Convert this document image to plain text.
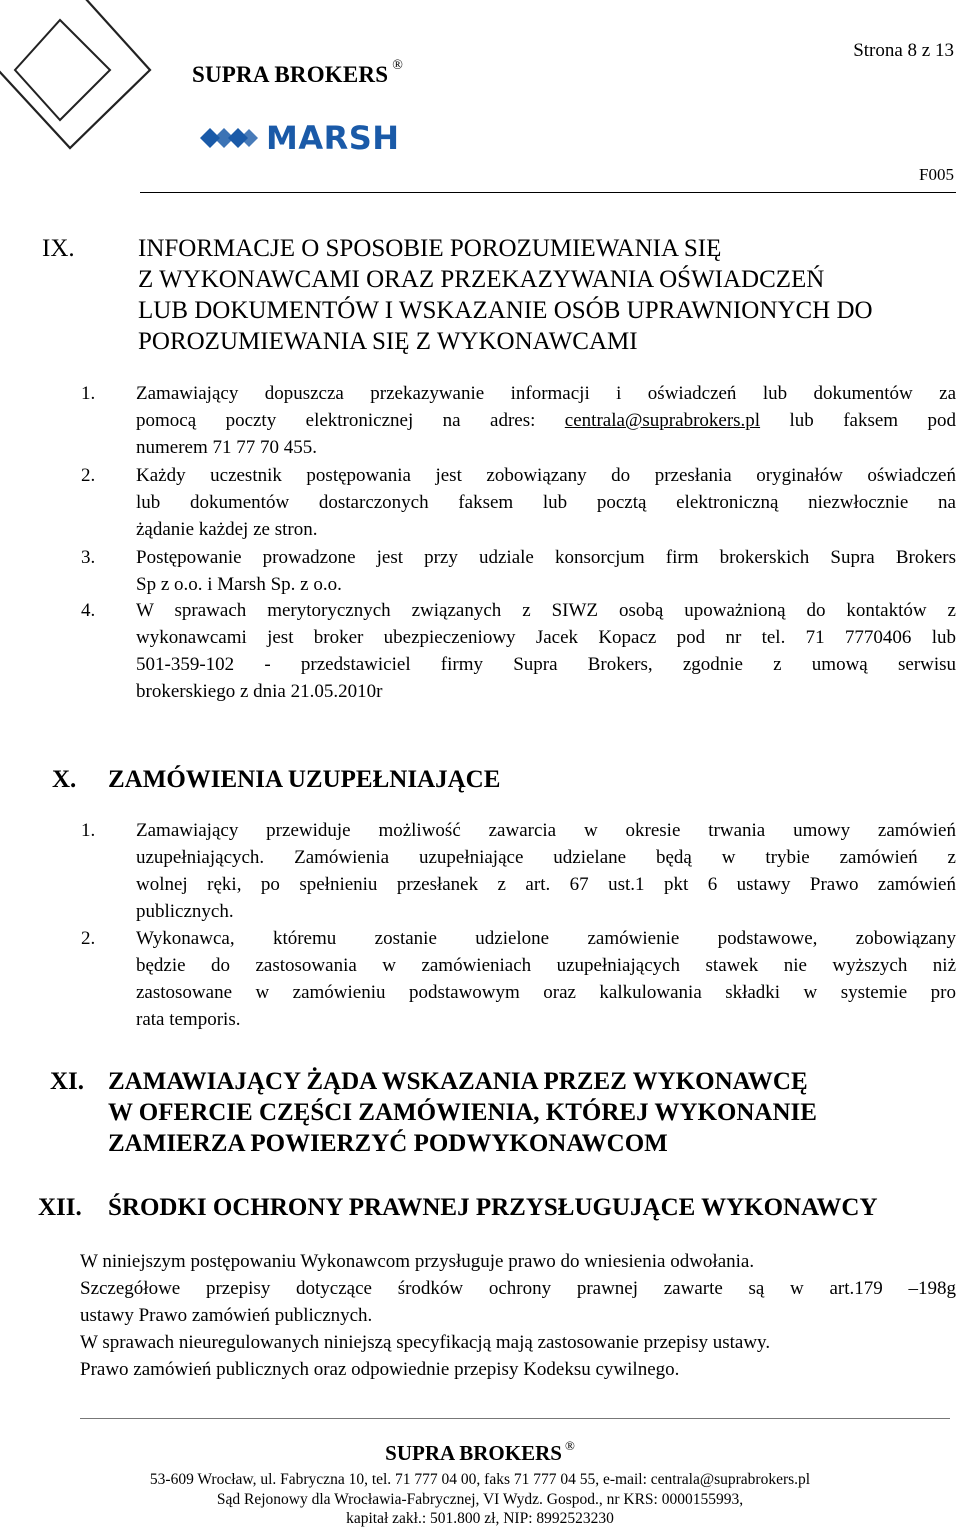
Strona 8 z 13
SUPRA BROKERS ®
MARSH
F005
IX.	INFORMACJE O SPOSOBIE POROZUMIEWANIA SIĘ
Z WYKONAWCAMI ORAZ PRZEKAZYWANIA OŚWIADCZEŃ
LUB DOKUMENTÓW I WSKAZANIE OSÓB UPRAWNIONYCH DO
POROZUMIEWANIA SIĘ Z WYKONAWCAMI
1. Zamawiający dopuszcza przekazywanie informacji i oświadczeń lub dokumentów za
pomocą poczty elektronicznej na adres: centrala@suprabrokers.pl lub faksem pod
numerem 71 77 70 455.
2. Każdy uczestnik postępowania jest zobowiązany do przesłania oryginałów oświadczeń
lub dokumentów dostarczonych faksem lub pocztą elektroniczną niezwłocznie na
żądanie każdej ze stron.
3. Postępowanie prowadzone jest przy udziale konsorcjum firm brokerskich Supra Brokers
Sp z o.o. i Marsh Sp. z o.o.
4. W sprawach merytorycznych związanych z SIWZ osobą upoważnioną do kontaktów z
wykonawcami jest broker ubezpieczeniowy Jacek Kopacz pod nr tel. 71 7770406 lub
501-359-102 - przedstawiciel firmy Supra Brokers, zgodnie z umową serwisu
brokerskiego z dnia 21.05.2010r
X. ZAMÓWIENIA UZUPEŁNIAJĄCE
1. Zamawiający przewiduje możliwość zawarcia w okresie trwania umowy zamówień
uzupełniających. Zamówienia uzupełniające udzielane będą w trybie zamówień z
wolnej ręki, po spełnieniu przesłanek z art. 67 ust.1 pkt 6 ustawy Prawo zamówień
publicznych.
2. Wykonawca, któremu zostanie udzielone zamówienie podstawowe, zobowiązany
będzie do zastosowania w zamówieniach uzupełniających stawek nie wyższych niż
zastosowane w zamówieniu podstawowym oraz kalkulowania składki w systemie pro
rata temporis.
XI. ZAMAWIAJĄCY ŻĄDA WSKAZANIA PRZEZ WYKONAWCĘ
W OFERCIE CZĘŚCI ZAMÓWIENIA, KTÓREJ WYKONANIE
ZAMIERZA POWIERZYĆ PODWYKONAWCOM
XII. ŚRODKI OCHRONY PRAWNEJ PRZYSŁUGUJĄCE WYKONAWCY
W niniejszym postępowaniu Wykonawcom przysługuje prawo do wniesienia odwołania.
Szczegółowe przepisy dotyczące środków ochrony prawnej zawarte są w art.179 –198g
ustawy Prawo zamówień publicznych.
W sprawach nieuregulowanych niniejszą specyfikacją mają zastosowanie przepisy ustawy.
Prawo zamówień publicznych oraz odpowiednie przepisy Kodeksu cywilnego.
SUPRA BROKERS ®
53-609 Wrocław, ul. Fabryczna 10, tel. 71 777 04 00, faks 71 777 04 55, e-mail: centrala@suprabrokers.pl
Sąd Rejonowy dla Wrocławia-Fabrycznej, VI Wydz. Gospod., nr KRS: 0000155993,
kapitał zakł.: 501.800 zł, NIP: 8992523230
